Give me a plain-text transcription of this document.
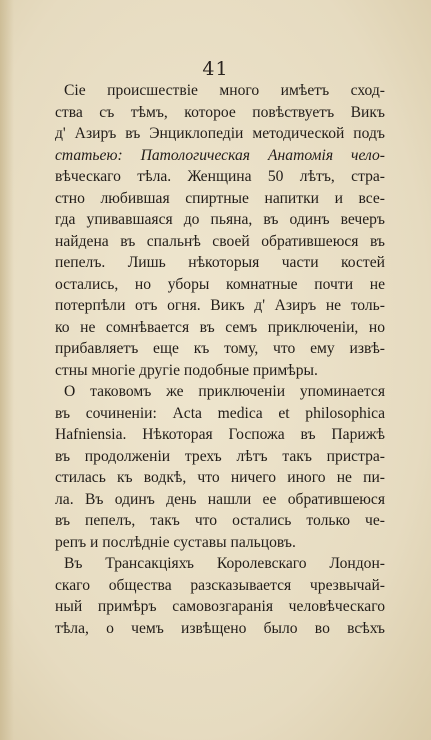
41
Сіе происшествіе много имѣетъ сход-
ства съ тѣмъ, которое повѣствуетъ Викъ
д' Азиръ въ Энциклопедіи методической подъ
статьею: Патологическая Анатомія чело-
вѣческаго тѣла. Женщина 50 лѣтъ, стра-
стно любившая спиртные напитки и все-
гда упивавшаяся до пьяна, въ одинъ вечеръ
найдена въ спальнѣ своей обратившеюся въ
пепелъ. Лишь нѣкоторыя части костей
остались, но уборы комнатные почти не
потерпѣли отъ огня. Викъ д' Азиръ не толь-
ко не сомнѣвается въ семъ приключеніи, но
прибавляетъ еще къ тому, что ему извѣ-
стны многіе другіе подобные примѣры.
О таковомъ же приключеніи упоминается
въ сочиненіи: Acta medica et philosophica
Hafniensia. Нѣкоторая Госпожа въ Парижѣ
въ продолженіи трехъ лѣтъ такъ пристра-
стилась къ водкѣ, что ничего иного не пи-
ла. Въ одинъ день нашли ее обратившеюся
въ пепелъ, такъ что остались только че-
репъ и послѣдніе суставы пальцовъ.
Въ Трансакціяхъ Королевскаго Лондон-
скаго общества разсказывается чрезвычай-
ный примѣръ самовозгаранія человѣческаго
тѣла, о чемъ извѣщено было во всѣхъ
